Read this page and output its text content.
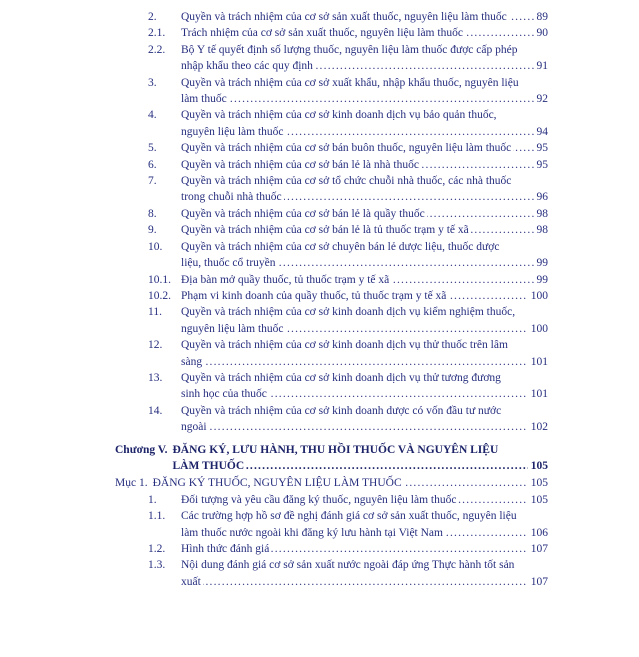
2.	Quyền và trách nhiệm của cơ sở sản xuất thuốc, nguyên liệu làm thuốc .....	89
2.1.	Trách nhiệm của cơ sở sản xuất thuốc, nguyên liệu làm thuốc .....	90
2.2.	Bộ Y tế quyết định số lượng thuốc, nguyên liệu làm thuốc được cấp phép nhập khẩu theo các quy định .....	91
3.	Quyền và trách nhiệm của cơ sở xuất khẩu, nhập khẩu thuốc, nguyên liệu làm thuốc .....	92
4.	Quyền và trách nhiệm của cơ sở kinh doanh dịch vụ bảo quản thuốc, nguyên liệu làm thuốc .....	94
5.	Quyền và trách nhiệm của cơ sở bán buôn thuốc, nguyên liệu làm thuốc ..... 95
6.	Quyền và trách nhiệm của cơ sở bán lẻ là nhà thuốc .....	95
7.	Quyền và trách nhiệm của cơ sở tổ chức chuỗi nhà thuốc, các nhà thuốc trong chuỗi nhà thuốc .....	96
8.	Quyền và trách nhiệm của cơ sở bán lẻ là quầy thuốc .....	98
9.	Quyền và trách nhiệm của cơ sở bán lẻ là tủ thuốc trạm y tế xã .....	98
10.	Quyền và trách nhiệm của cơ sở chuyên bán lẻ dược liệu, thuốc dược liệu, thuốc cổ truyền .....	99
10.1. Địa bàn mở quầy thuốc, tủ thuốc trạm y tế xã .....	99
10.2. Phạm vi kinh doanh của quầy thuốc, tủ thuốc trạm y tế xã .....	100
11.	Quyền và trách nhiệm của cơ sở kinh doanh dịch vụ kiểm nghiệm thuốc, nguyên liệu làm thuốc .....	100
12.	Quyền và trách nhiệm của cơ sở kinh doanh dịch vụ thử thuốc trên lâm sàng .....	101
13.	Quyền và trách nhiệm của cơ sở kinh doanh dịch vụ thử tương đương sinh học của thuốc .....	101
14.	Quyền và trách nhiệm của cơ sở kinh doanh dược có vốn đầu tư nước ngoài .....	102
Chương V. ĐĂNG KÝ, LƯU HÀNH, THU HỒI THUỐC VÀ NGUYÊN LIỆU LÀM THUỐC .....	105
Mục 1. ĐĂNG KÝ THUỐC, NGUYÊN LIỆU LÀM THUỐC .....	105
1.	Đối tượng và yêu cầu đăng ký thuốc, nguyên liệu làm thuốc .....	105
1.1.	Các trường hợp hồ sơ đề nghị đánh giá cơ sở sản xuất thuốc, nguyên liệu làm thuốc nước ngoài khi đăng ký lưu hành tại Việt Nam .....	106
1.2.	Hình thức đánh giá .....	107
1.3.	Nội dung đánh giá cơ sở sản xuất nước ngoài đáp ứng Thực hành tốt sản xuất .....	107
